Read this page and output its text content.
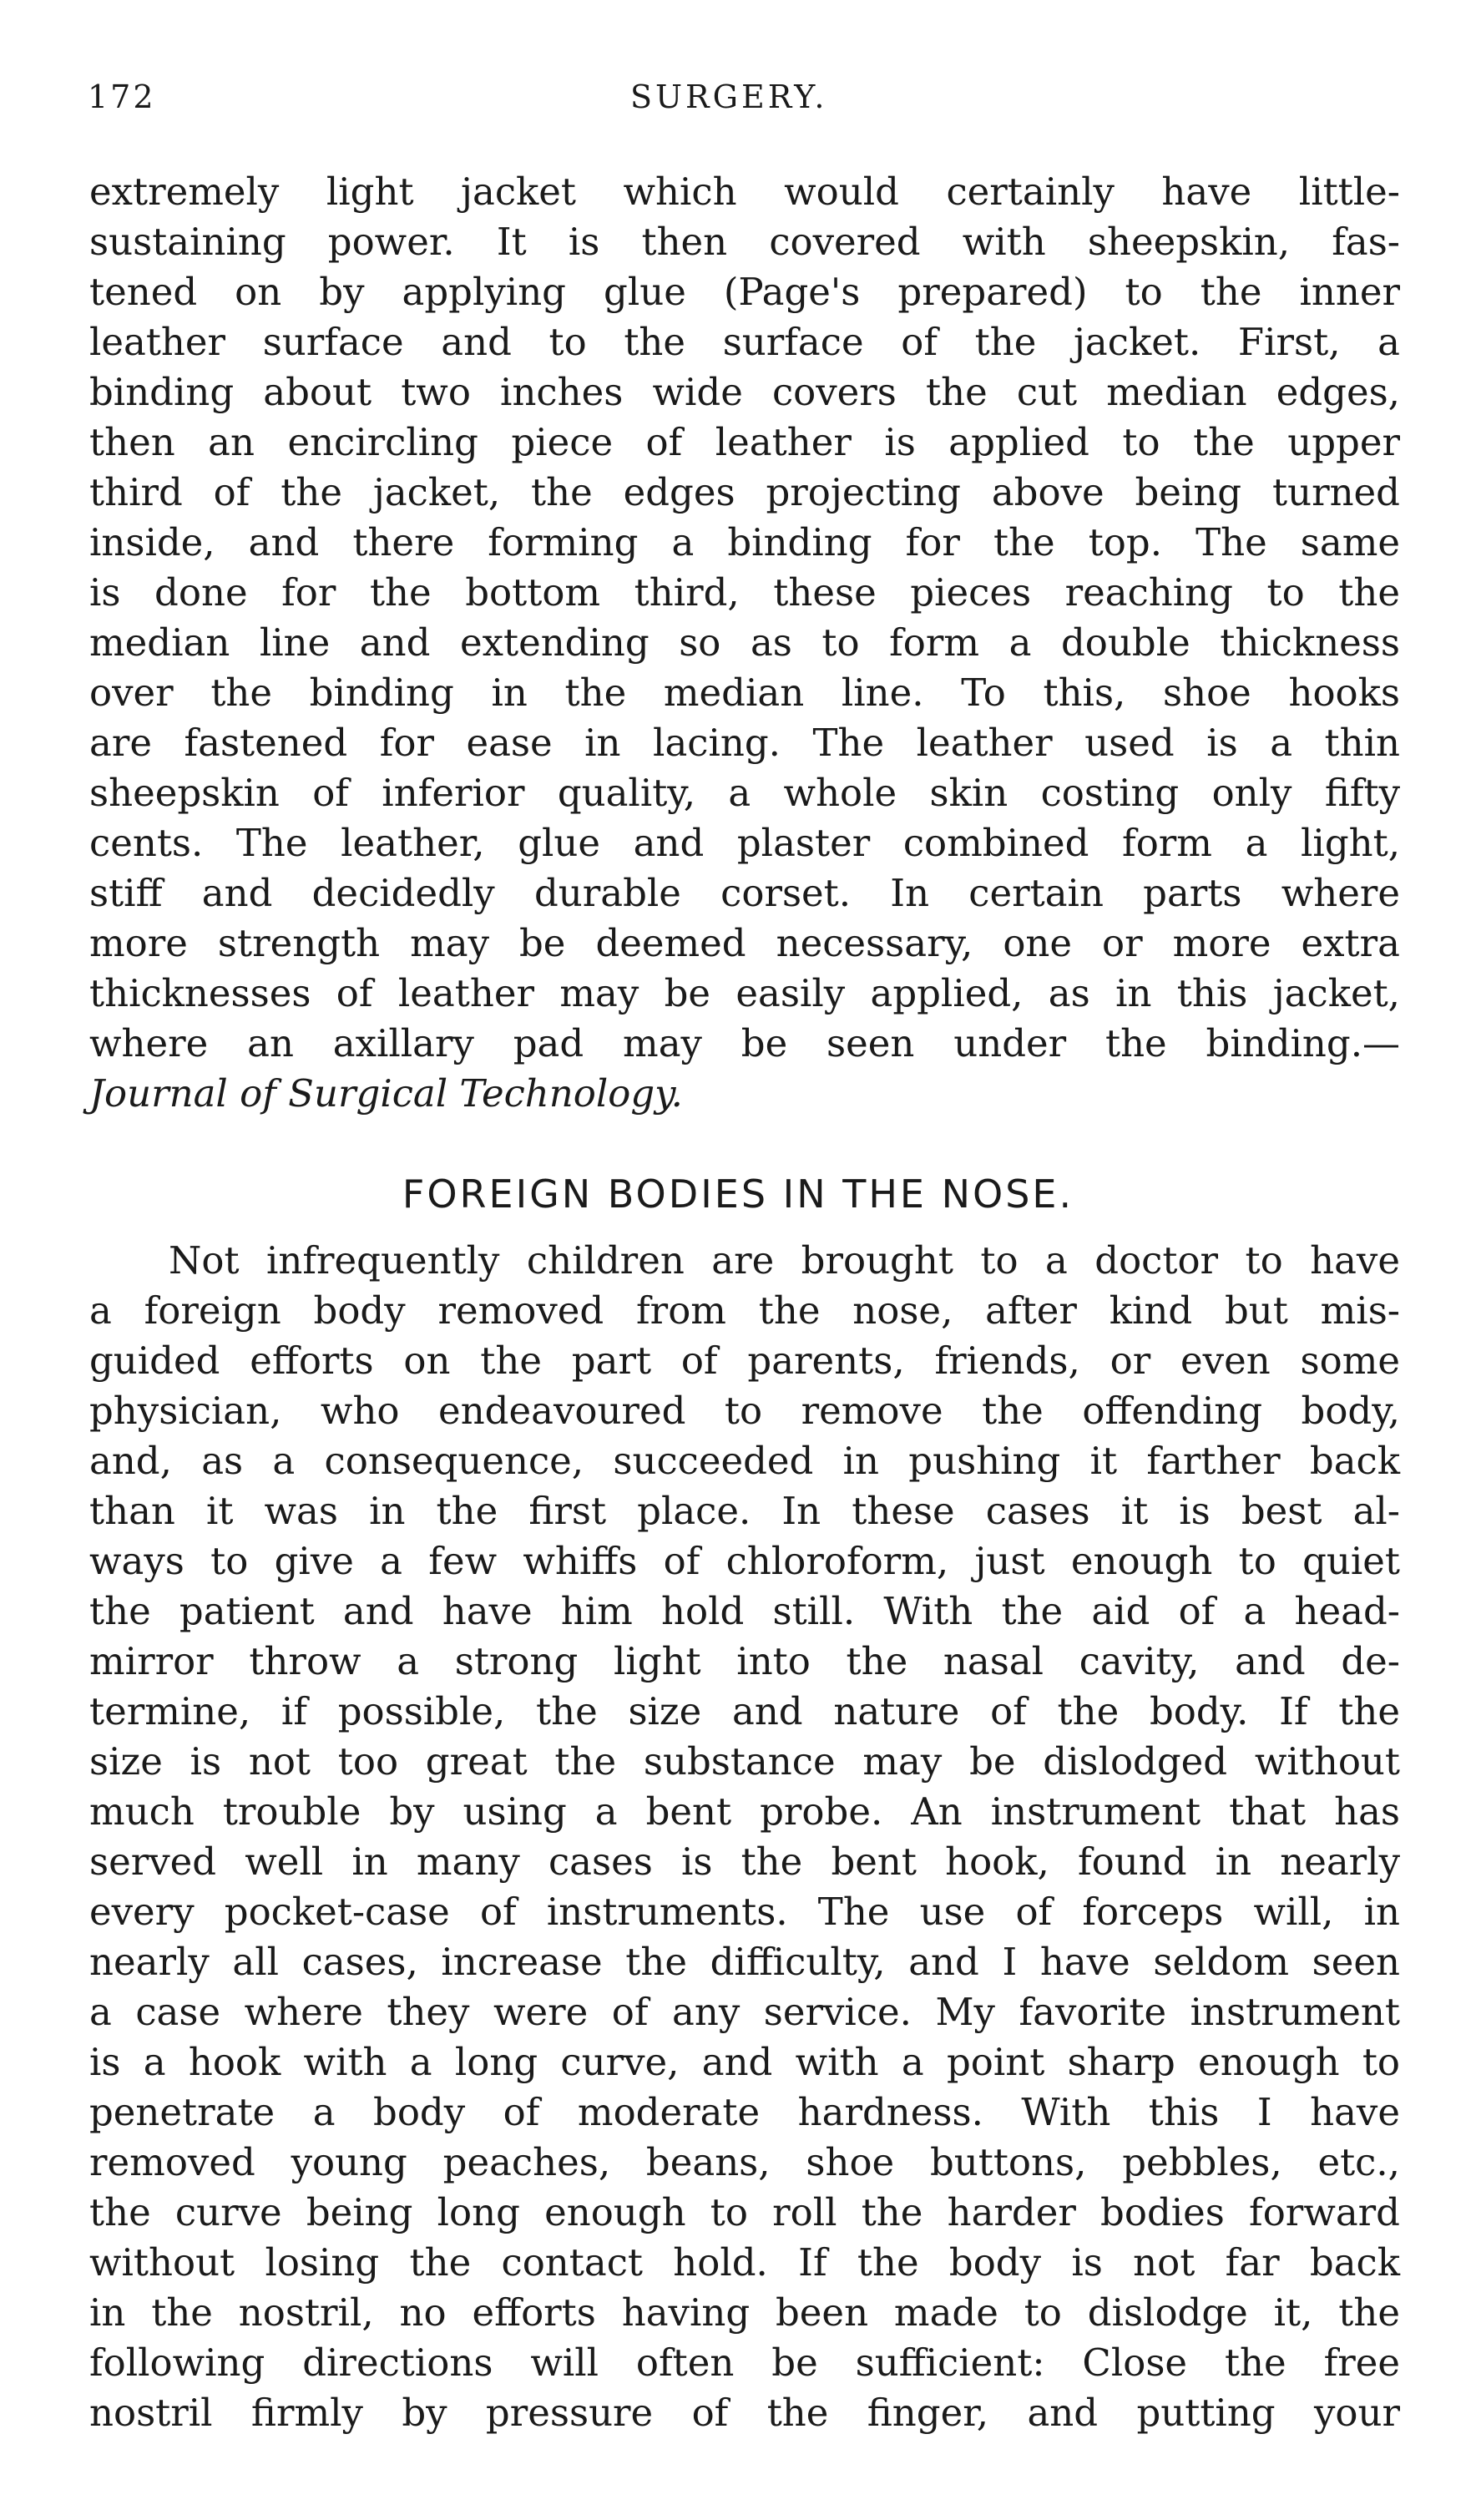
172	SURGERY.
extremely light jacket which would certainly have little-
sustaining power. It is then covered with sheepskin, fas-
tened on by applying glue (Page's prepared) to the inner
leather surface and to the surface of the jacket. First, a
binding about two inches wide covers the cut median edges,
then an encircling piece of leather is applied to the upper
third of the jacket, the edges projecting above being turned
inside, and there forming a binding for the top. The same
is done for the bottom third, these pieces reaching to the
median line and extending so as to form a double thickness
over the binding in the median line. To this, shoe hooks
are fastened for ease in lacing. The leather used is a thin
sheepskin of inferior quality, a whole skin costing only fifty
cents. The leather, glue and plaster combined form a light,
stiff and decidedly durable corset. In certain parts where
more strength may be deemed necessary, one or more extra
thicknesses of leather may be easily applied, as in this jacket,
where an axillary pad may be seen under the binding.—
Journal of Surgical Technology.
FOREIGN BODIES IN THE NOSE.
Not infrequently children are brought to a doctor to have
a foreign body removed from the nose, after kind but mis-
guided efforts on the part of parents, friends, or even some
physician, who endeavoured to remove the offending body,
and, as a consequence, succeeded in pushing it farther back
than it was in the first place. In these cases it is best al-
ways to give a few whiffs of chloroform, just enough to quiet
the patient and have him hold still. With the aid of a head-
mirror throw a strong light into the nasal cavity, and de-
termine, if possible, the size and nature of the body. If the
size is not too great the substance may be dislodged without
much trouble by using a bent probe. An instrument that has
served well in many cases is the bent hook, found in nearly
every pocket-case of instruments. The use of forceps will, in
nearly all cases, increase the difficulty, and I have seldom seen
a case where they were of any service. My favorite instrument
is a hook with a long curve, and with a point sharp enough to
penetrate a body of moderate hardness. With this I have
removed young peaches, beans, shoe buttons, pebbles, etc.,
the curve being long enough to roll the harder bodies forward
without losing the contact hold. If the body is not far back
in the nostril, no efforts having been made to dislodge it, the
following directions will often be sufficient: Close the free
nostril firmly by pressure of the finger, and putting your
